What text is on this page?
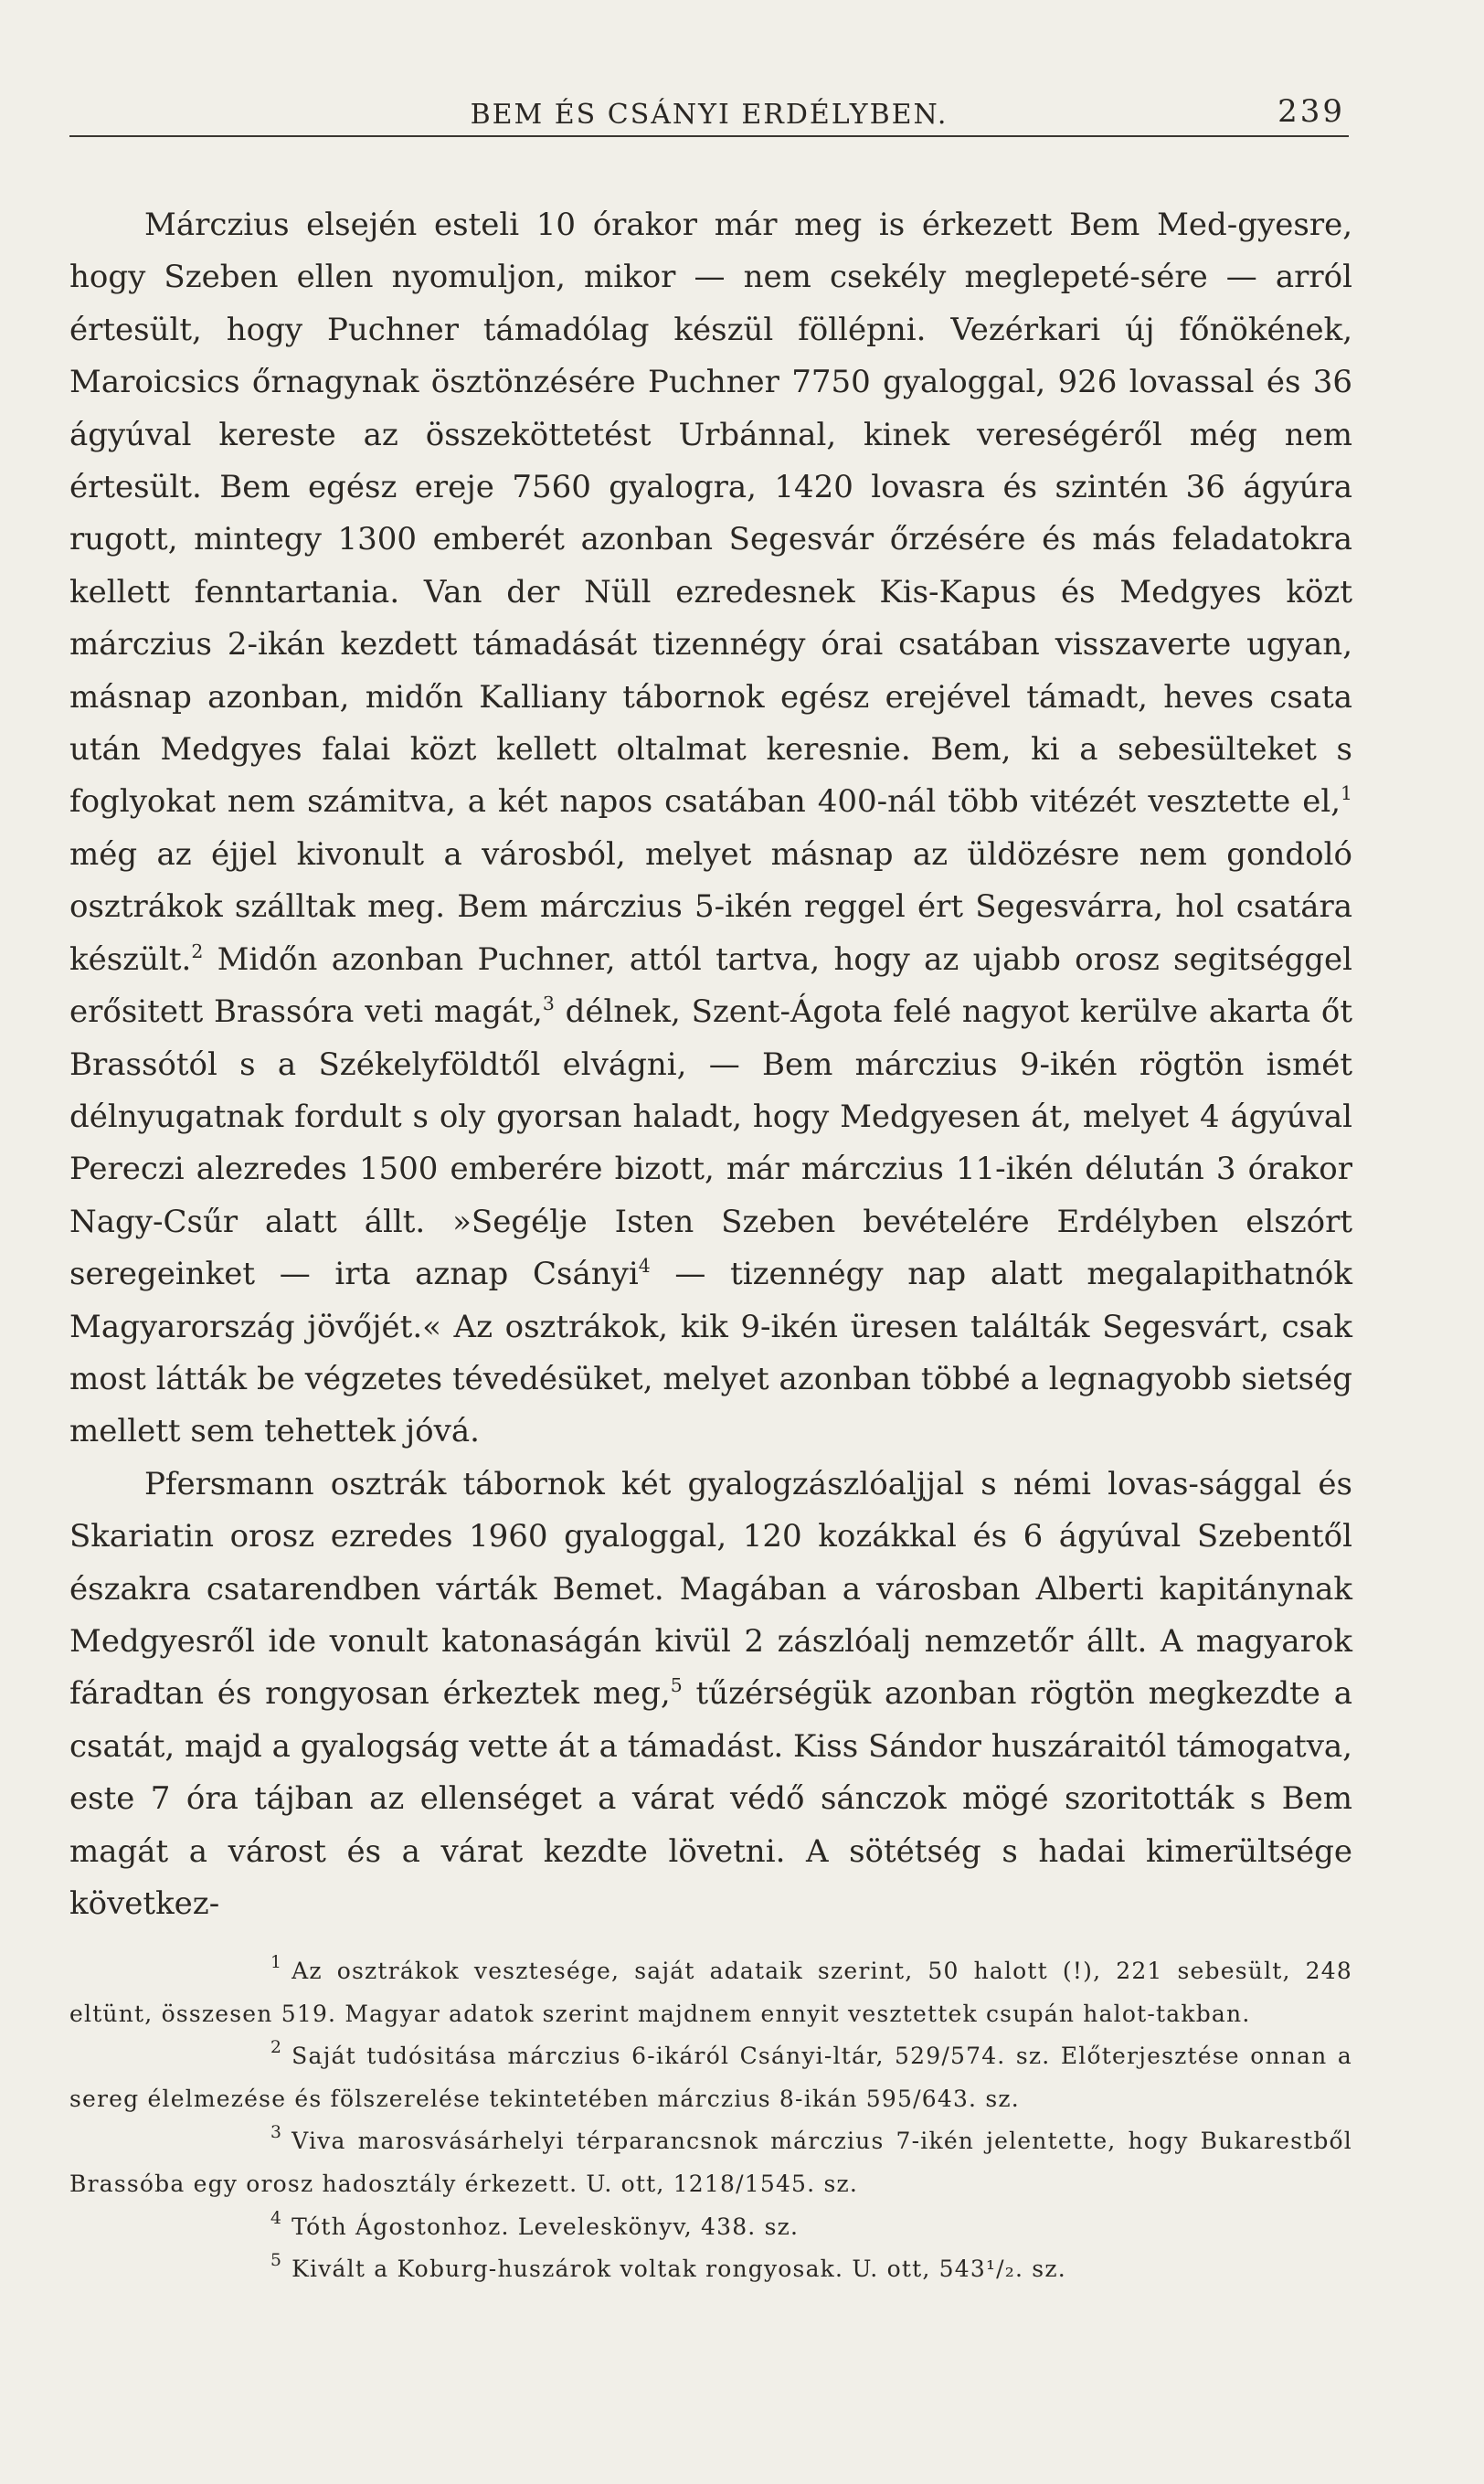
BEM ÉS CSÁNYI ERDÉLYBEN.	239

Márczius elsején esteli 10 órakor már meg is érkezett Bem Med-gyesre, hogy Szeben ellen nyomuljon, mikor — nem csekély meglepeté-sére — arról értesült, hogy Puchner támadólag készül föllépni. Vezérkari új főnökének, Maroicsics őrnagynak ösztönzésére Puchner 7750 gyaloggal, 926 lovassal és 36 ágyúval kereste az összeköttetést Urbánnal, kinek vereségéről még nem értesült. Bem egész ereje 7560 gyalogra, 1420 lovasra és szintén 36 ágyúra rugott, mintegy 1300 emberét azonban Segesvár őrzésére és más feladatokra kellett fenntartania. Van der Nüll ezredesnek Kis-Kapus és Medgyes közt márczius 2-ikán kezdett támadását tizennégy órai csatában visszaverte ugyan, másnap azonban, midőn Kalliany tábornok egész erejével támadt, heves csata után Medgyes falai közt kellett oltalmat keresnie. Bem, ki a sebesülteket s foglyokat nem számitva, a két napos csatában 400-nál több vitézét vesztette el,$^1$ még az éjjel kivonult a városból, melyet másnap az üldözésre nem gondoló osztrákok szálltak meg. Bem márczius 5-ikén reggel ért Segesvárra, hol csatára készült.$^2$ Midőn azonban Puchner, attól tartva, hogy az ujabb orosz segitséggel erősitett Brassóra veti magát,$^3$ délnek, Szent-Ágota felé nagyot kerülve akarta őt Brassótól s a Székelyföldtől elvágni, — Bem márczius 9-ikén rögtön ismét délnyugatnak fordult s oly gyorsan haladt, hogy Medgyesen át, melyet 4 ágyúval Pereczi alezredes 1500 emberére bizott, már márczius 11-ikén délután 3 órakor Nagy-Csűr alatt állt. »Segélje Isten Szeben bevételére Erdélyben elszórt seregeinket — irta aznap Csányi$^4$ — tizennégy nap alatt megalapithatnók Magyarország jövőjét.« Az osztrákok, kik 9-ikén üresen találták Segesvárt, csak most látták be végzetes tévedésüket, melyet azonban többé a legnagyobb sietség mellett sem tehettek jóvá.

Pfersmann osztrák tábornok két gyalogzászlóaljjal s némi lovas-sággal és Skariatin orosz ezredes 1960 gyaloggal, 120 kozákkal és 6 ágyúval Szebentől északra csatarendben várták Bemet. Magában a városban Alberti kapitánynak Medgyesről ide vonult katonaságán kivül 2 zászlóalj nemzetőr állt. A magyarok fáradtan és rongyosan érkeztek meg,$^5$ tűzérségük azonban rögtön megkezdte a csatát, majd a gyalogság vette át a támadást. Kiss Sándor huszáraitól támogatva, este 7 óra tájban az ellenséget a várat védő sánczok mögé szoritották s Bem magát a várost és a várat kezdte lövetni. A sötétség s hadai kimerültsége következ-

$^1$ Az osztrákok vesztesége, saját adataik szerint, 50 halott (!), 221 sebesült, 248 eltünt, összesen 519. Magyar adatok szerint majdnem ennyit vesztettek csupán halot-takban.

$^2$ Saját tudósitása márczius 6-ikáról Csányi-ltár, 529/574. sz. Előterjesztése onnan a sereg élelmezése és fölszerelése tekintetében márczius 8-ikán 595/643. sz.

$^3$ Viva marosvásárhelyi térparancsnok márczius 7-ikén jelentette, hogy Bukarestből Brassóba egy orosz hadosztály érkezett. U. ott, 1218/1545. sz.

$^4$ Tóth Ágostonhoz. Leveleskönyv, 438. sz.

$^5$ Kivált a Koburg-huszárok voltak rongyosak. U. ott, 543¹/₂. sz.
